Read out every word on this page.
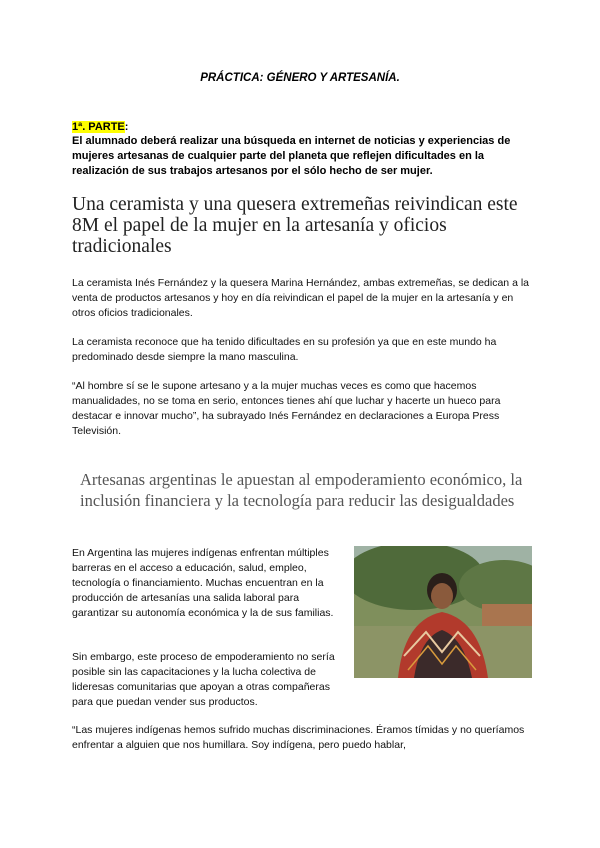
PRÁCTICA: GÉNERO Y ARTESANÍA.
1ª. PARTE:

El alumnado deberá realizar una búsqueda en internet de noticias y experiencias de mujeres artesanas de cualquier parte del planeta que reflejen dificultades en la realización de sus trabajos artesanos por el sólo hecho de ser mujer.

Una ceramista y una quesera extremeñas reivindican este 8M el papel de la mujer en la artesanía y oficios tradicionales

La ceramista Inés Fernández y la quesera Marina Hernández, ambas extremeñas, se dedican a la venta de productos artesanos y hoy en día reivindican el papel de la mujer en la artesanía y en otros oficios tradicionales.

La ceramista reconoce que ha tenido dificultades en su profesión ya que en este mundo ha predominado desde siempre la mano masculina.

“Al hombre sí se le supone artesano y a la mujer muchas veces es como que hacemos manualidades, no se toma en serio, entonces tienes ahí que luchar y hacerte un hueco para destacar e innovar mucho”, ha subrayado Inés Fernández en declaraciones a Europa Press Televisión.

Artesanas argentinas le apuestan al empoderamiento económico, la inclusión financiera y la tecnología para reducir las desigualdades

En Argentina las mujeres indígenas enfrentan múltiples barreras en el acceso a educación, salud, empleo, tecnología o financiamiento. Muchas encuentran en la producción de artesanías una salida laboral para garantizar su autonomía económica y la de sus familias.

Sin embargo, este proceso de empoderamiento no sería posible sin las capacitaciones y la lucha colectiva de lideresas comunitarias que apoyan a otras compañeras para que puedan vender sus productos.

“Las mujeres indígenas hemos sufrido muchas discriminaciones. Éramos tímidas y no queríamos enfrentar a alguien que nos humillara. Soy indígena, pero puedo hablar,
